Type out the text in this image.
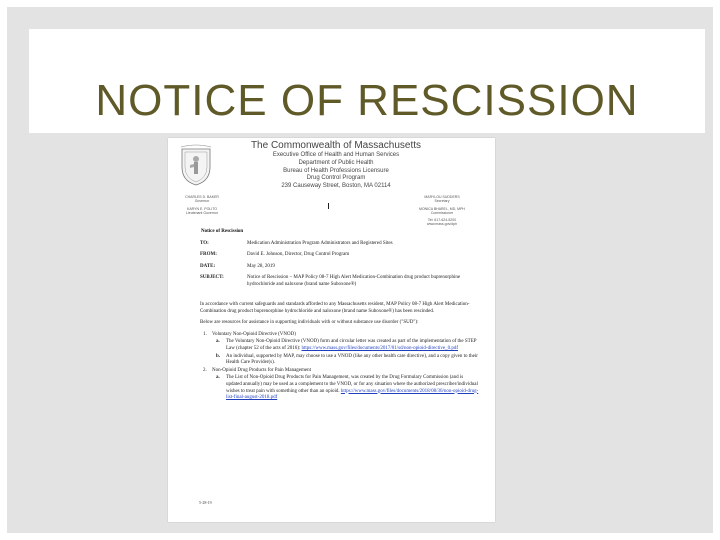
NOTICE OF RESCISSION
CHARLES D. BAKER
Governor
KARYN E. POLITO
Lieutenant Governor
The Commonwealth of Massachusetts
Executive Office of Health and Human Services
Department of Public Health
Bureau of Health Professions Licensure
Drug Control Program
239 Causeway Street, Boston, MA 02114
MARYLOU SUDDERS
Secretary
MONICA BHAREL, MD, MPH
Commissioner
Tel: 617-624-5200
www.mass.gov/dph
Notice of Rescission
TO:	Medication Administration Program Administrators and Registered Sites
FROM:	David E. Johnson, Director, Drug Control Program
DATE:	May 28, 2019
SUBJECT:	Notice of Rescission – MAP Policy 08-7 High Alert Medication-Combination drug product buprenorphine hydrochloride and naloxone (brand name Suboxone®)

In accordance with current safeguards and standards afforded to any Massachusetts resident, MAP Policy 08-7 High Alert Medication-Combination drug product buprenorphine hydrochloride and naloxone (brand name Suboxone®) has been rescinded.

Below are resources for assistance in supporting individuals with or without substance use disorder ("SUD"):

1. Voluntary Non-Opioid Directive (VNOD)
a.	The Voluntary Non-Opioid Directive (VNOD) form and circular letter was created as part of the implementation of the STEP Law (chapter 52 of the acts of 2016): https://www.mass.gov/files/documents/2017/01/sd/non-opioid-directive_0.pdf
b.	An individual, supported by MAP, may choose to use a VNOD (like any other health care directive), and a copy given to their Health Care Provider(s).
2. Non-Opioid Drug Products for Pain Management
a.	The List of Non-Opioid Drug Products for Pain Management, was created by the Drug Formulary Commission (and is updated annually) may be used as a complement to the VNOD, or for any situation where the authorized prescriber/individual wishes to treat pain with something other than an opioid. https://www.mass.gov/files/documents/2018/08/30/non-opioid-drug-list-final-august-2018.pdf
5-28-19
